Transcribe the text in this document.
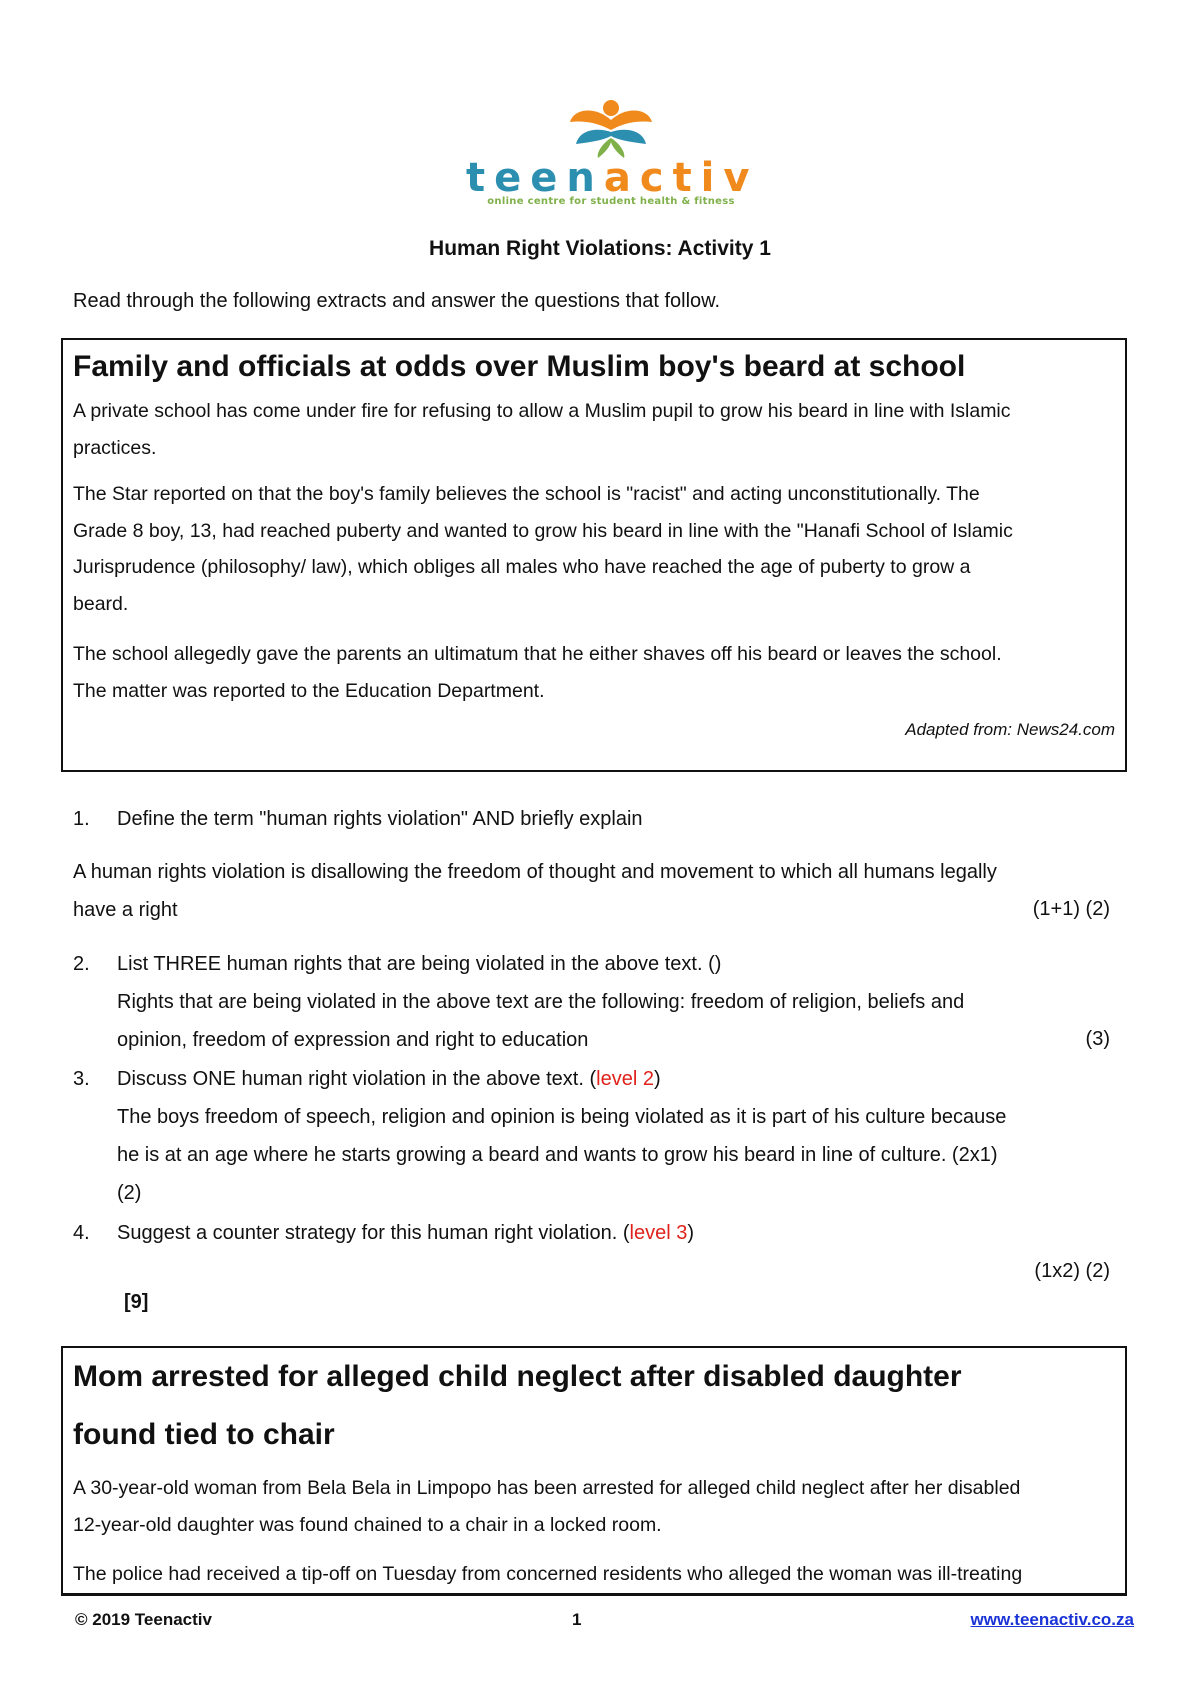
teenactiv
online centre for student health & fitness
Human Right Violations: Activity 1
Read through the following extracts and answer the questions that follow.
Family and officials at odds over Muslim boy's beard at school
A private school has come under fire for refusing to allow a Muslim pupil to grow his beard in line with Islamic
practices.
The Star reported on that the boy's family believes the school is "racist" and acting unconstitutionally. The
Grade 8 boy, 13, had reached puberty and wanted to grow his beard in line with the "Hanafi School of Islamic
Jurisprudence (philosophy/ law), which obliges all males who have reached the age of puberty to grow a
beard.
The school allegedly gave the parents an ultimatum that he either shaves off his beard or leaves the school.
The matter was reported to the Education Department.
Adapted from: News24.com
1.	Define the term "human rights violation" AND briefly explain
A human rights violation is disallowing the freedom of thought and movement to which all humans legally
have a right	(1+1) (2)
2.	List THREE human rights that are being violated in the above text. ()
Rights that are being violated in the above text are the following: freedom of religion, beliefs and
opinion, freedom of expression and right to education	(3)
3.	Discuss ONE human right violation in the above text. (level 2)
The boys freedom of speech, religion and opinion is being violated as it is part of his culture because
he is at an age where he starts growing a beard and wants to grow his beard in line of culture. (2x1)
(2)
4.	Suggest a counter strategy for this human right violation. (level 3)
(1x2) (2)
[9]
Mom arrested for alleged child neglect after disabled daughter
found tied to chair
A 30-year-old woman from Bela Bela in Limpopo has been arrested for alleged child neglect after her disabled
12-year-old daughter was found chained to a chair in a locked room.
The police had received a tip-off on Tuesday from concerned residents who alleged the woman was ill-treating
© 2019 Teenactiv	1	www.teenactiv.co.za
